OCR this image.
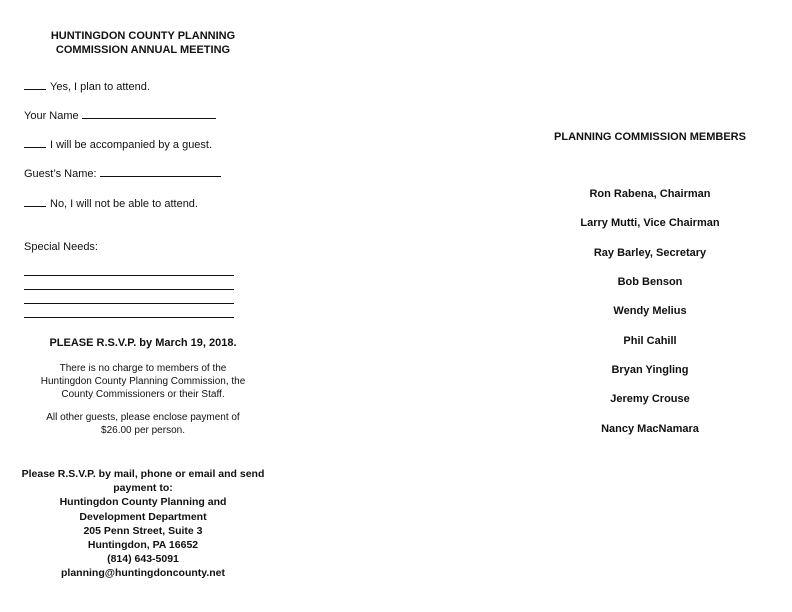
HUNTINGDON COUNTY PLANNING
COMMISSION ANNUAL MEETING
Yes, I plan to attend.
Your Name
I will be accompanied by a guest.
Guest’s Name:
No, I will not be able to attend.
Special Needs:
PLEASE R.S.V.P. by March 19, 2018.
There is no charge to members of the
Huntingdon County Planning Commission, the
County Commissioners or their Staff.
All other guests, please enclose payment of
$26.00 per person.
Please R.S.V.P. by mail, phone or email and send
payment to:
Huntingdon County Planning and
Development Department
205 Penn Street, Suite 3
Huntingdon, PA 16652
(814) 643-5091
planning@huntingdoncounty.net
PLANNING COMMISSION MEMBERS
Ron Rabena, Chairman
Larry Mutti, Vice Chairman
Ray Barley, Secretary
Bob Benson
Wendy Melius
Phil Cahill
Bryan Yingling
Jeremy Crouse
Nancy MacNamara
